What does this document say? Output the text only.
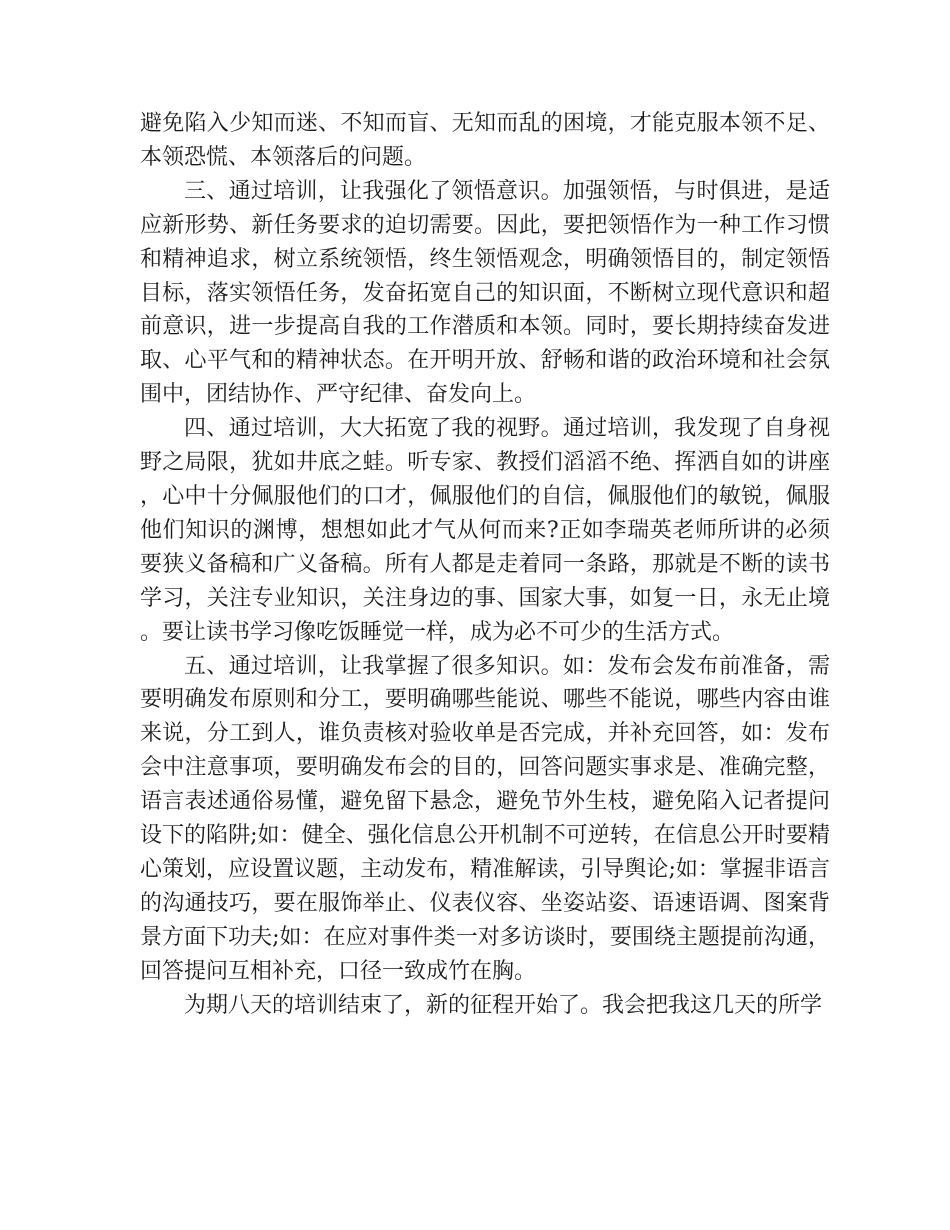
避免陷入少知而迷、不知而盲、无知而乱的困境，才能克服本领不足、本领恐慌、本领落后的问题。

三、通过培训，让我强化了领悟意识。加强领悟，与时俱进，是适应新形势、新任务要求的迫切需要。因此，要把领悟作为一种工作习惯和精神追求，树立系统领悟，终生领悟观念，明确领悟目的，制定领悟目标，落实领悟任务，发奋拓宽自己的知识面，不断树立现代意识和超前意识，进一步提高自我的工作潜质和本领。同时，要长期持续奋发进取、心平气和的精神状态。在开明开放、舒畅和谐的政治环境和社会氛围中，团结协作、严守纪律、奋发向上。

四、通过培训，大大拓宽了我的视野。通过培训，我发现了自身视野之局限，犹如井底之蛙。听专家、教授们滔滔不绝、挥洒自如的讲座，心中十分佩服他们的口才，佩服他们的自信，佩服他们的敏锐，佩服他们知识的渊博，想想如此才气从何而来?正如李瑞英老师所讲的必须要狭义备稿和广义备稿。所有人都是走着同一条路，那就是不断的读书学习，关注专业知识，关注身边的事、国家大事，如复一日，永无止境。要让读书学习像吃饭睡觉一样，成为必不可少的生活方式。

五、通过培训，让我掌握了很多知识。如：发布会发布前准备，需要明确发布原则和分工，要明确哪些能说、哪些不能说，哪些内容由谁来说，分工到人，谁负责核对验收单是否完成，并补充回答，如：发布会中注意事项，要明确发布会的目的，回答问题实事求是、准确完整，语言表述通俗易懂，避免留下悬念，避免节外生枝，避免陷入记者提问设下的陷阱;如：健全、强化信息公开机制不可逆转，在信息公开时要精心策划，应设置议题，主动发布，精准解读，引导舆论;如：掌握非语言的沟通技巧，要在服饰举止、仪表仪容、坐姿站姿、语速语调、图案背景方面下功夫;如：在应对事件类一对多访谈时，要围绕主题提前沟通，回答提问互相补充，口径一致成竹在胸。

为期八天的培训结束了，新的征程开始了。我会把我这几天的所学
